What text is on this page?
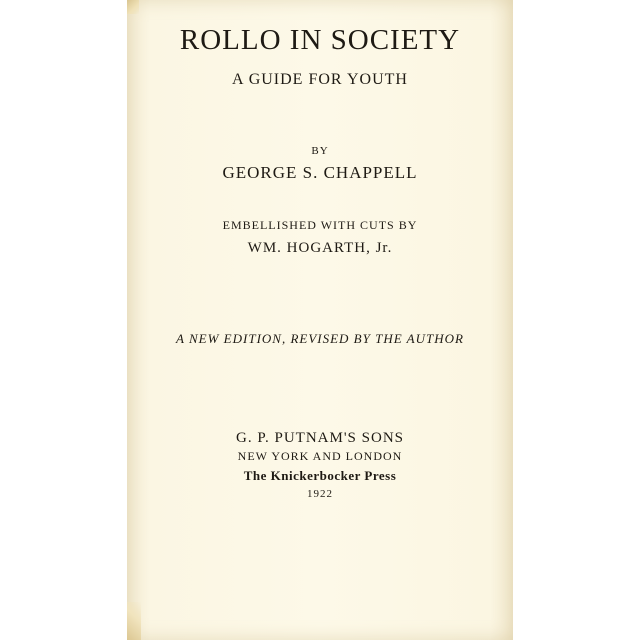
ROLLO IN SOCIETY
A GUIDE FOR YOUTH
BY
GEORGE S. CHAPPELL
EMBELLISHED WITH CUTS BY
WM. HOGARTH, Jr.
A NEW EDITION, REVISED BY THE AUTHOR
G. P. PUTNAM'S SONS
NEW YORK AND LONDON
The Knickerbocker Press
1922
